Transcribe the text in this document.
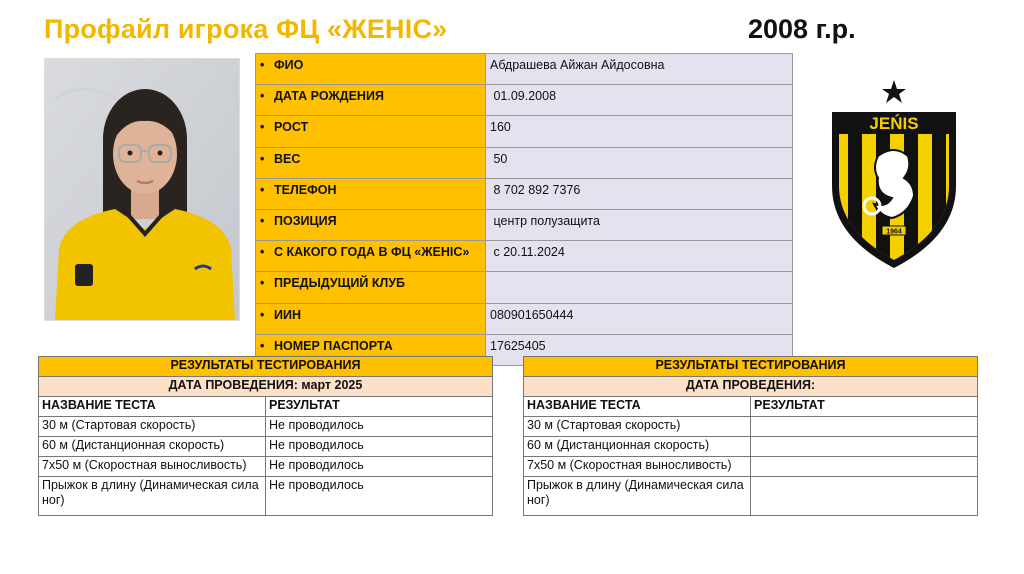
Профайл игрока ФЦ «ЖЕНІС»	2008 г.р.
• ФИО	Абдрашева Айжан Айдосовна
• ДАТА РОЖДЕНИЯ	01.09.2008
• РОСТ	160
• ВЕС	50
• ТЕЛЕФОН	8 702 892 7376
• ПОЗИЦИЯ	центр полузащита
• С КАКОГО ГОДА В ФЦ «ЖЕНІС»	с 20.11.2024
• ПРЕДЫДУЩИЙ КЛУБ	
• ИИН	080901650444
• НОМЕР ПАСПОРТА	17625405
1964
JEŃIS
РЕЗУЛЬТАТЫ ТЕСТИРОВАНИЯ	
ДАТА ПРОВЕДЕНИЯ: март 2025	
НАЗВАНИЕ ТЕСТА	РЕЗУЛЬТАТ
30 м (Стартовая скорость)	Не проводилось
60 м (Дистанционная скорость)	Не проводилось
7х50 м (Скоростная выносливость)	Не проводилось
Прыжок в длину (Динамическая сила ног)	Не проводилось
РЕЗУЛЬТАТЫ ТЕСТИРОВАНИЯ	
ДАТА ПРОВЕДЕНИЯ:	
НАЗВАНИЕ ТЕСТА	РЕЗУЛЬТАТ
30 м (Стартовая скорость)	
60 м (Дистанционная скорость)	
7х50 м (Скоростная выносливость)	
Прыжок в длину (Динамическая сила ног)	
